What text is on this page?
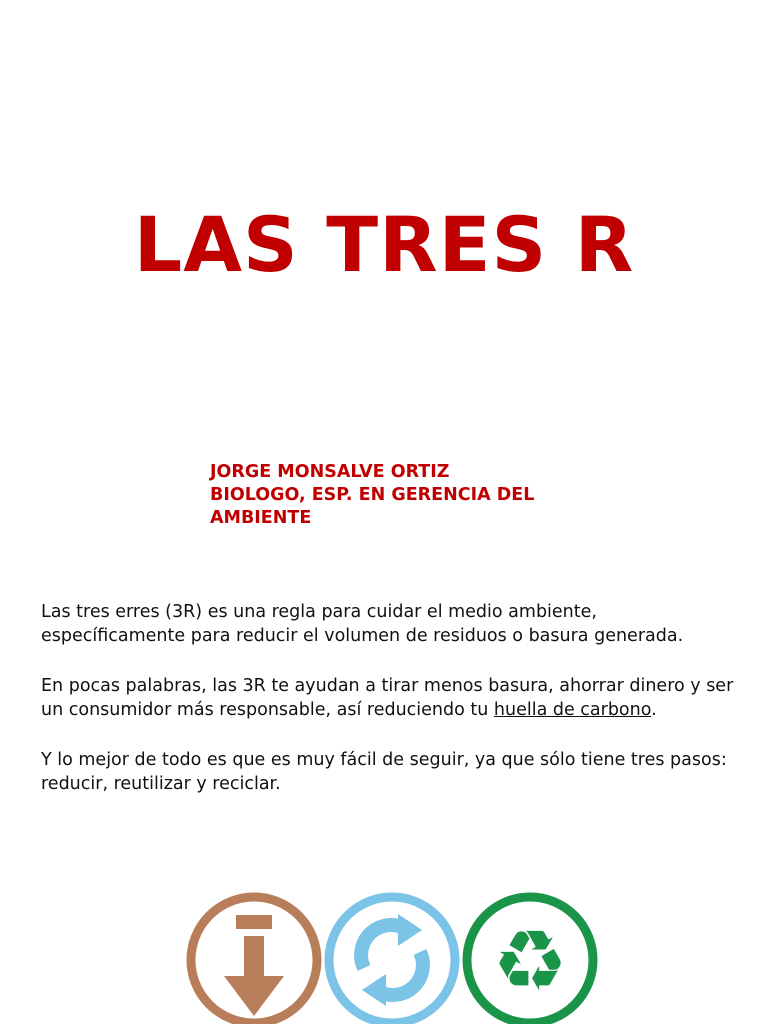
LAS TRES R
JORGE MONSALVE ORTIZ
BIOLOGO, ESP. EN GERENCIA DEL
AMBIENTE

Las tres erres (3R) es una regla para cuidar el medio ambiente, específicamente para reducir el volumen de residuos o basura generada.

En pocas palabras, las 3R te ayudan a tirar menos basura, ahorrar dinero y ser un consumidor más responsable, así reduciendo tu huella de carbono.

Y lo mejor de todo es que es muy fácil de seguir, ya que sólo tiene tres pasos: reducir, reutilizar y reciclar.

♻
